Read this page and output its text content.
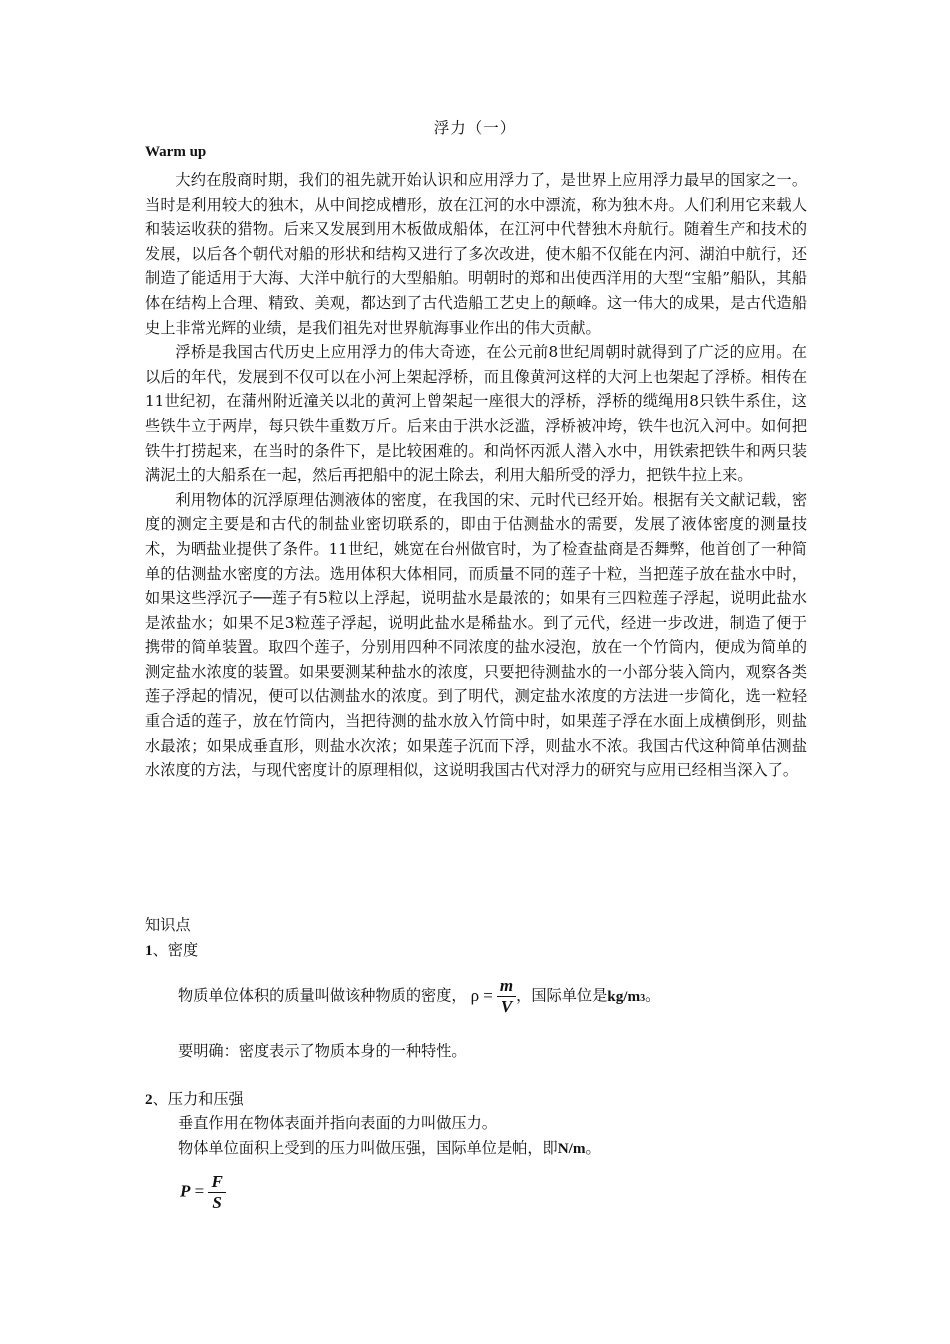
浮力（一）
Warm up

大约在殷商时期，我们的祖先就开始认识和应用浮力了，是世界上应用浮力最早的国家之一。当时是利用较大的独木，从中间挖成槽形，放在江河的水中漂流，称为独木舟。人们利用它来载人和装运收获的猎物。后来又发展到用木板做成船体，在江河中代替独木舟航行。随着生产和技术的发展，以后各个朝代对船的形状和结构又进行了多次改进，使木船不仅能在内河、湖泊中航行，还制造了能适用于大海、大洋中航行的大型船舶。明朝时的郑和出使西洋用的大型“宝船”船队，其船体在结构上合理、精致、美观，都达到了古代造船工艺史上的颠峰。这一伟大的成果，是古代造船史上非常光辉的业绩，是我们祖先对世界航海事业作出的伟大贡献。

浮桥是我国古代历史上应用浮力的伟大奇迹，在公元前8世纪周朝时就得到了广泛的应用。在以后的年代，发展到不仅可以在小河上架起浮桥，而且像黄河这样的大河上也架起了浮桥。相传在11世纪初，在蒲州附近潼关以北的黄河上曾架起一座很大的浮桥，浮桥的缆绳用8只铁牛系住，这些铁牛立于两岸，每只铁牛重数万斤。后来由于洪水泛滥，浮桥被冲垮，铁牛也沉入河中。如何把铁牛打捞起来，在当时的条件下，是比较困难的。和尚怀丙派人潜入水中，用铁索把铁牛和两只装满泥土的大船系在一起，然后再把船中的泥土除去，利用大船所受的浮力，把铁牛拉上来。

利用物体的沉浮原理估测液体的密度，在我国的宋、元时代已经开始。根据有关文献记载，密度的测定主要是和古代的制盐业密切联系的，即由于估测盐水的需要，发展了液体密度的测量技术，为晒盐业提供了条件。11世纪，姚宽在台州做官时，为了检查盐商是否舞弊，他首创了一种简单的估测盐水密度的方法。选用体积大体相同，而质量不同的莲子十粒，当把莲子放在盐水中时，如果这些浮沉子──莲子有5粒以上浮起，说明盐水是最浓的；如果有三四粒莲子浮起，说明此盐水是浓盐水；如果不足3粒莲子浮起，说明此盐水是稀盐水。到了元代，经进一步改进，制造了便于携带的简单装置。取四个莲子，分别用四种不同浓度的盐水浸泡，放在一个竹筒内，便成为简单的测定盐水浓度的装置。如果要测某种盐水的浓度，只要把待测盐水的一小部分装入筒内，观察各类莲子浮起的情况，便可以估测盐水的浓度。到了明代，测定盐水浓度的方法进一步简化，选一粒轻重合适的莲子，放在竹筒内，当把待测的盐水放入竹筒中时，如果莲子浮在水面上成横倒形，则盐水最浓；如果成垂直形，则盐水次浓；如果莲子沉而下浮，则盐水不浓。我国古代这种简单估测盐水浓度的方法，与现代密度计的原理相似，这说明我国古代对浮力的研究与应用已经相当深入了。

知识点
1、密度
物质单位体积的质量叫做该种物质的密度， $\rho = \frac{m}{V}$ ，国际单位是kg/m3。
要明确：密度表示了物质本身的一种特性。
2、压力和压强
垂直作用在物体表面并指向表面的力叫做压力。
物体单位面积上受到的压力叫做压强，国际单位是帕，即N/m。
$P = \frac{F}{S}$
